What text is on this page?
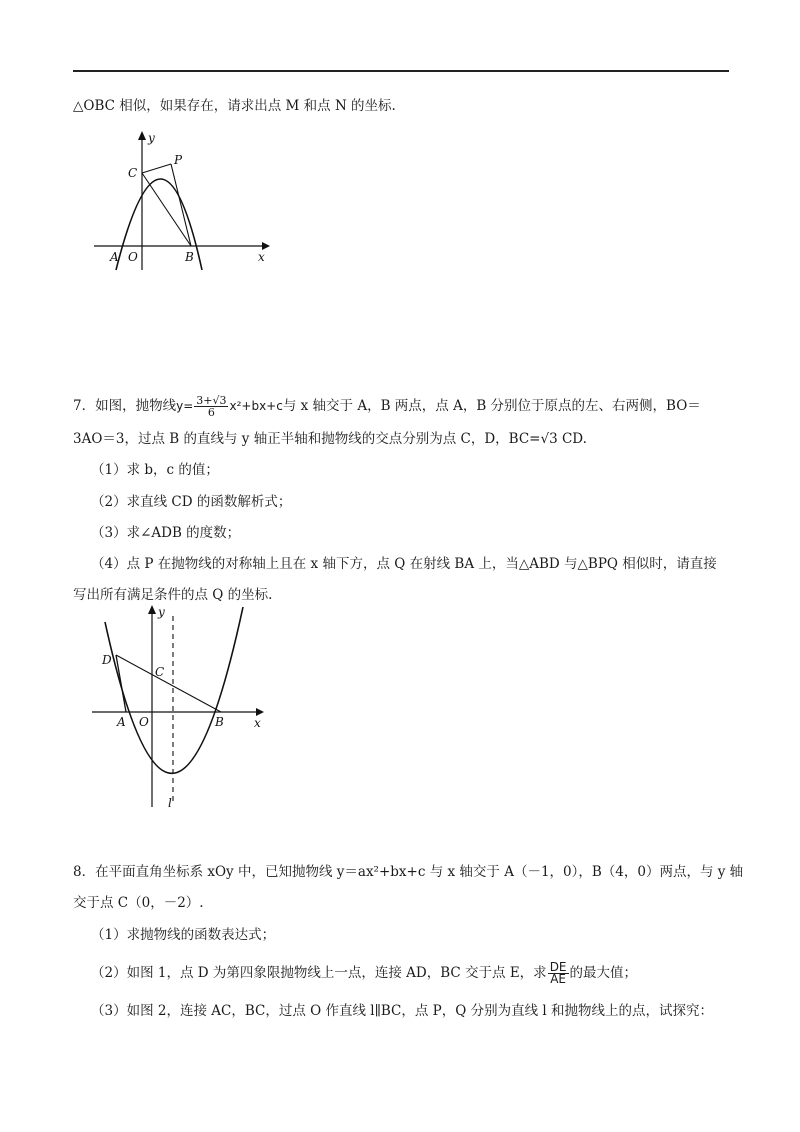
△OBC 相似，如果存在，请求出点 M 和点 N 的坐标.
y
x
C
P
A O	B
7．如图，抛物线$y= \frac{3+√3}{6} x^2+bx+c$与 x 轴交于 A，B 两点，点 A，B 分别位于原点的左、右两侧，BO＝
3AO＝3，过点 B 的直线与 y 轴正半轴和抛物线的交点分别为点 C，D，BC=√3 CD.
（1）求 b，c 的值；
（2）求直线 CD 的函数解析式；
（3）求∠ADB 的度数；
（4）点 P 在抛物线的对称轴上且在 x 轴下方，点 Q 在射线 BA 上，当△ABD 与△BPQ 相似时，请直接
写出所有满足条件的点 Q 的坐标.
y
x
D
C
A O	B
l
8．在平面直角坐标系 xOy 中，已知抛物线 y＝ax²+bx+c 与 x 轴交于 A（－1，0），B（4，0）两点，与 y 轴
交于点 C（0，－2）.
（1）求抛物线的函数表达式；
（2）如图 1，点 D 为第四象限抛物线上一点，连接 AD，BC 交于点 E，求 $\frac{DE}{AE}$ 的最大值；
（3）如图 2，连接 AC，BC，过点 O 作直线 l∥BC，点 P，Q 分别为直线 l 和抛物线上的点，试探究：
